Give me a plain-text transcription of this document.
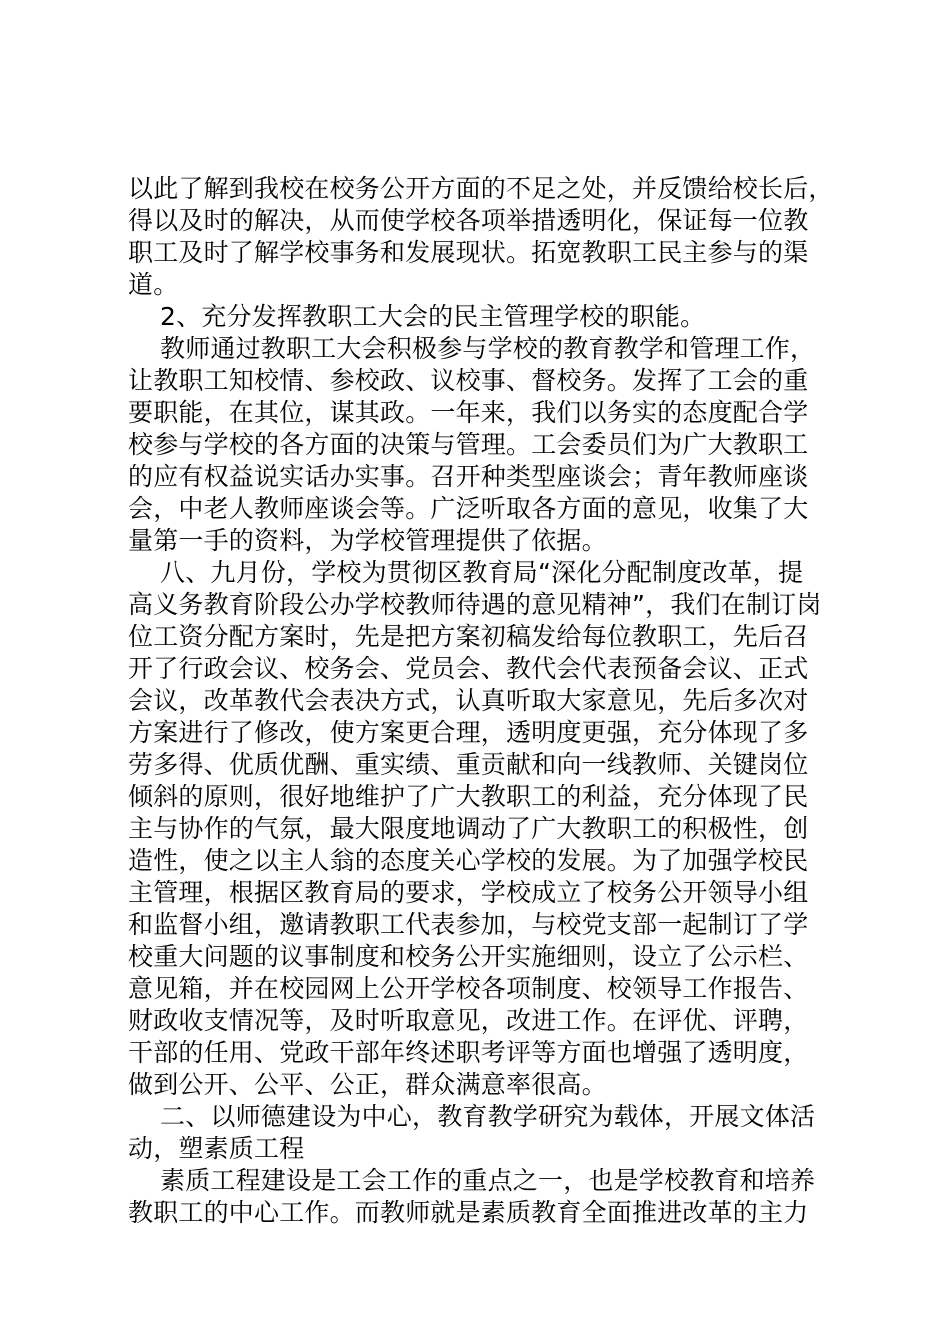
以此了解到我校在校务公开方面的不足之处，并反馈给校长后，
得以及时的解决，从而使学校各项举措透明化，保证每一位教
职工及时了解学校事务和发展现状。拓宽教职工民主参与的渠
道。
2、充分发挥教职工大会的民主管理学校的职能。
教师通过教职工大会积极参与学校的教育教学和管理工作，
让教职工知校情、参校政、议校事、督校务。发挥了工会的重
要职能，在其位，谋其政。一年来，我们以务实的态度配合学
校参与学校的各方面的决策与管理。工会委员们为广大教职工
的应有权益说实话办实事。召开种类型座谈会；青年教师座谈
会，中老人教师座谈会等。广泛听取各方面的意见，收集了大
量第一手的资料，为学校管理提供了依据。
八、九月份，学校为贯彻区教育局“深化分配制度改革，提
高义务教育阶段公办学校教师待遇的意见精神”，我们在制订岗
位工资分配方案时，先是把方案初稿发给每位教职工，先后召
开了行政会议、校务会、党员会、教代会代表预备会议、正式
会议，改革教代会表决方式，认真听取大家意见，先后多次对
方案进行了修改，使方案更合理，透明度更强，充分体现了多
劳多得、优质优酬、重实绩、重贡献和向一线教师、关键岗位
倾斜的原则，很好地维护了广大教职工的利益，充分体现了民
主与协作的气氛，最大限度地调动了广大教职工的积极性，创
造性，使之以主人翁的态度关心学校的发展。为了加强学校民
主管理，根据区教育局的要求，学校成立了校务公开领导小组
和监督小组，邀请教职工代表参加，与校党支部一起制订了学
校重大问题的议事制度和校务公开实施细则，设立了公示栏、
意见箱，并在校园网上公开学校各项制度、校领导工作报告、
财政收支情况等，及时听取意见，改进工作。在评优、评聘，
干部的任用、党政干部年终述职考评等方面也增强了透明度，
做到公开、公平、公正，群众满意率很高。
二、以师德建设为中心，教育教学研究为载体，开展文体活
动，塑素质工程
素质工程建设是工会工作的重点之一，也是学校教育和培养
教职工的中心工作。而教师就是素质教育全面推进改革的主力
